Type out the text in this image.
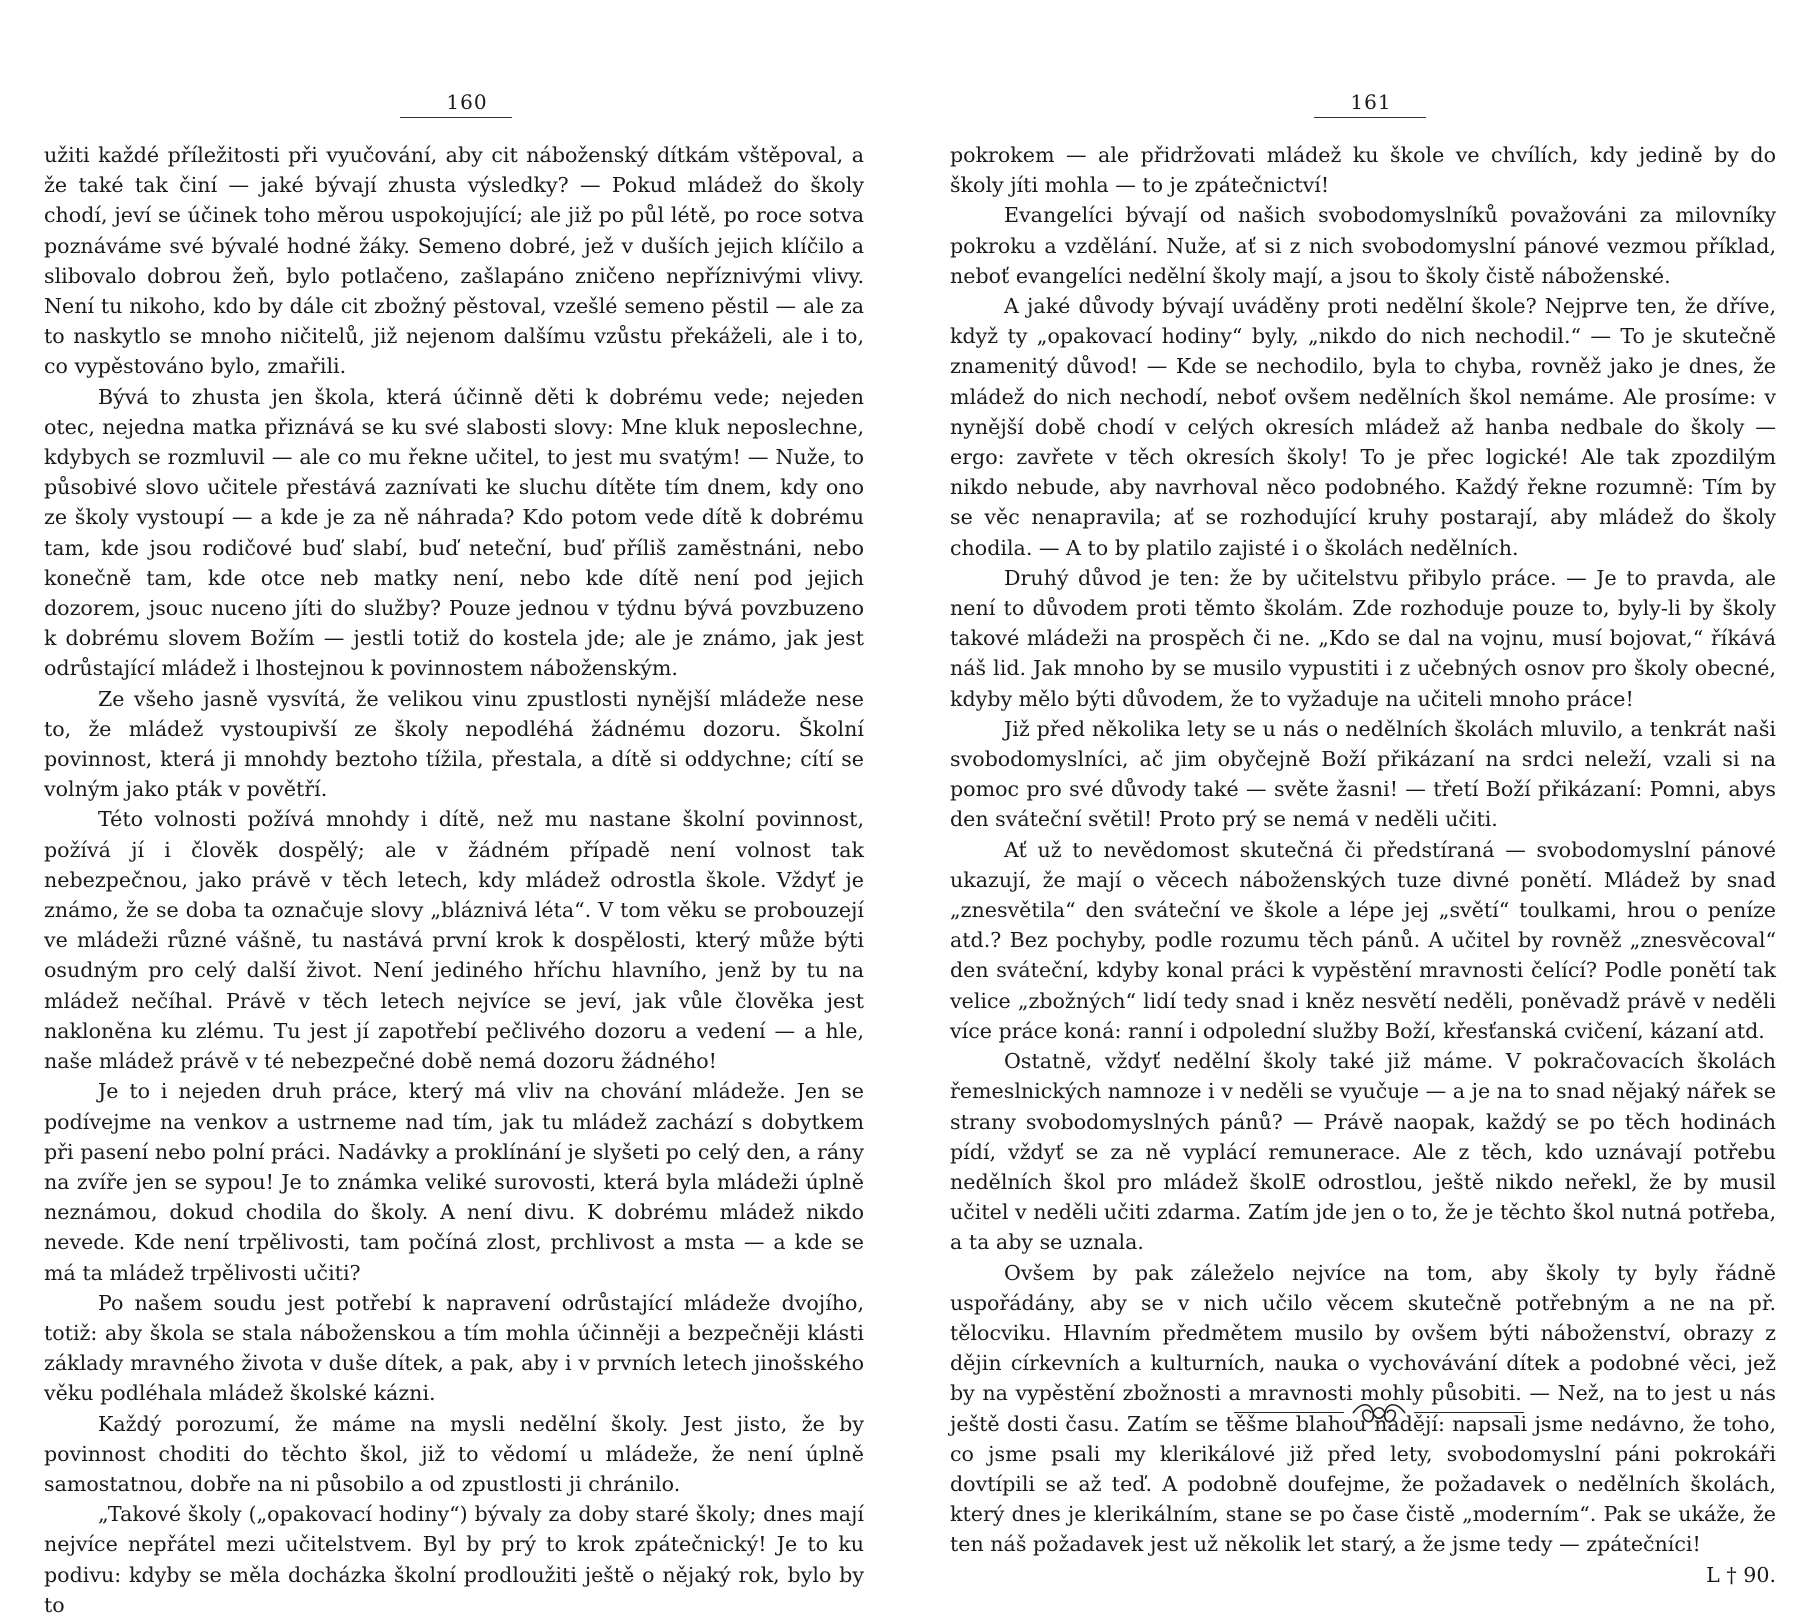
160

užiti každé příležitosti při vyučování, aby cit náboženský dítkám vštěpoval, a že také tak činí — jaké bývají zhusta výsledky? — Pokud mládež do školy chodí, jeví se účinek toho měrou uspokojující; ale již po půl létě, po roce sotva poznáváme své bývalé hodné žáky. Semeno dobré, jež v duších jejich klíčilo a slibovalo dobrou žeň, bylo potlačeno, zašlapáno zničeno nepříznivými vlivy. Není tu nikoho, kdo by dále cit zbožný pěstoval, vzešlé semeno pěstil — ale za to naskytlo se mnoho ničitelů, již nejenom dalšímu vzůstu překáželi, ale i to, co vypěstováno bylo, zmařili.

Bývá to zhusta jen škola, která účinně děti k dobrému vede; nejeden otec, nejedna matka přiznává se ku své slabosti slovy: Mne kluk neposlechne, kdybych se rozmluvil — ale co mu řekne učitel, to jest mu svatým! — Nuže, to působivé slovo učitele přestává zaznívati ke sluchu dítěte tím dnem, kdy ono ze školy vystoupí — a kde je za ně náhrada? Kdo potom vede dítě k dobrému tam, kde jsou rodičové buď slabí, buď neteční, buď příliš zaměstnáni, nebo konečně tam, kde otce neb matky není, nebo kde dítě není pod jejich dozorem, jsouc nuceno jíti do služby? Pouze jednou v týdnu bývá povzbuzeno k dobrému slovem Božím — jestli totiž do kostela jde; ale je známo, jak jest odrůstající mládež i lhostejnou k povinnostem náboženským.

Ze všeho jasně vysvítá, že velikou vinu zpustlosti nynější mládeže nese to, že mládež vystoupivší ze školy nepodléhá žádnému dozoru. Školní povinnost, která ji mnohdy beztoho tížila, přestala, a dítě si oddychne; cítí se volným jako pták v povětří.

Této volnosti požívá mnohdy i dítě, než mu nastane školní povinnost, požívá jí i člověk dospělý; ale v žádném případě není volnost tak nebezpečnou, jako právě v těch letech, kdy mládež odrostla škole. Vždyť je známo, že se doba ta označuje slovy „bláznivá léta“. V tom věku se probouzejí ve mládeži různé vášně, tu nastává první krok k dospělosti, který může býti osudným pro celý další život. Není jediného hříchu hlavního, jenž by tu na mládež nečíhal. Právě v těch letech nejvíce se jeví, jak vůle člověka jest nakloněna ku zlému. Tu jest jí zapotřebí pečlivého dozoru a vedení — a hle, naše mládež právě v té nebezpečné době nemá dozoru žádného!

Je to i nejeden druh práce, který má vliv na chování mládeže. Jen se podívejme na venkov a ustrneme nad tím, jak tu mládež zachází s dobytkem při pasení nebo polní práci. Nadávky a proklínání je slyšeti po celý den, a rány na zvíře jen se sypou! Je to známka veliké surovosti, která byla mládeži úplně neznámou, dokud chodila do školy. A není divu. K dobrému mládež nikdo nevede. Kde není trpělivosti, tam počíná zlost, prchlivost a msta — a kde se má ta mládež trpělivosti učiti?

Po našem soudu jest potřebí k napravení odrůstající mládeže dvojího, totiž: aby škola se stala náboženskou a tím mohla účinněji a bezpečněji klásti základy mravného života v duše dítek, a pak, aby i v prvních letech jinošského věku podléhala mládež školské kázni.

Každý porozumí, že máme na mysli nedělní školy. Jest jisto, že by povinnost choditi do těchto škol, již to vědomí u mládeže, že není úplně samostatnou, dobře na ni působilo a od zpustlosti ji chránilo.

„Takové školy („opakovací hodiny“) bývaly za doby staré školy; dnes mají nejvíce nepřátel mezi učitelstvem. Byl by prý to krok zpátečnický! Je to ku podivu: kdyby se měla docházka školní prodloužiti ještě o nějaký rok, bylo by to

161

pokrokem — ale přidržovati mládež ku škole ve chvílích, kdy jedině by do školy jíti mohla — to je zpátečnictví!

Evangelíci bývají od našich svobodomyslníků považováni za milovníky pokroku a vzdělání. Nuže, ať si z nich svobodomyslní pánové vezmou příklad, neboť evangelíci nedělní školy mají, a jsou to školy čistě náboženské.

A jaké důvody bývají uváděny proti nedělní škole? Nejprve ten, že dříve, když ty „opakovací hodiny“ byly, „nikdo do nich nechodil.“ — To je skutečně znamenitý důvod! — Kde se nechodilo, byla to chyba, rovněž jako je dnes, že mládež do nich nechodí, neboť ovšem nedělních škol nemáme. Ale prosíme: v nynější době chodí v celých okresích mládež až hanba nedbale do školy — ergo: zavřete v těch okresích školy! To je přec logické! Ale tak zpozdilým nikdo nebude, aby navrhoval něco podobného. Každý řekne rozumně: Tím by se věc nenapravila; ať se rozhodující kruhy postarají, aby mládež do školy chodila. — A to by platilo zajisté i o školách nedělních.

Druhý důvod je ten: že by učitelstvu přibylo práce. — Je to pravda, ale není to důvodem proti těmto školám. Zde rozhoduje pouze to, byly-li by školy takové mládeži na prospěch či ne. „Kdo se dal na vojnu, musí bojovat,“ říkává náš lid. Jak mnoho by se musilo vypustiti i z učebných osnov pro školy obecné, kdyby mělo býti důvodem, že to vyžaduje na učiteli mnoho práce!

Již před několika lety se u nás o nedělních školách mluvilo, a tenkrát naši svobodomyslníci, ač jim obyčejně Boží přikázaní na srdci neleží, vzali si na pomoc pro své důvody také — světe žasni! — třetí Boží přikázaní: Pomni, abys den sváteční světil! Proto prý se nemá v neděli učiti.

Ať už to nevědomost skutečná či předstíraná — svobodomyslní pánové ukazují, že mají o věcech náboženských tuze divné ponětí. Mládež by snad „znesvětila“ den sváteční ve škole a lépe jej „světí“ toulkami, hrou o peníze atd.? Bez pochyby, podle rozumu těch pánů. A učitel by rovněž „znesvěcoval“ den sváteční, kdyby konal práci k vypěstění mravnosti čelící? Podle ponětí tak velice „zbožných“ lidí tedy snad i kněz nesvětí neděli, poněvadž právě v neděli více práce koná: ranní i odpolední služby Boží, křesťanská cvičení, kázaní atd.

Ostatně, vždyť nedělní školy také již máme. V pokračovacích školách řemeslnických namnoze i v neděli se vyučuje — a je na to snad nějaký nářek se strany svobodomyslných pánů? — Právě naopak, každý se po těch hodinách pídí, vždyť se za ně vyplácí remunerace. Ale z těch, kdo uznávají potřebu nedělních škol pro mládež školE odrostlou, ještě nikdo neřekl, že by musil učitel v neděli učiti zdarma. Zatím jde jen o to, že je těchto škol nutná potřeba, a ta aby se uznala.

Ovšem by pak záleželo nejvíce na tom, aby školy ty byly řádně uspořádány, aby se v nich učilo věcem skutečně potřebným a ne na př. tělocviku. Hlavním předmětem musilo by ovšem býti náboženství, obrazy z dějin církevních a kulturních, nauka o vychovávání dítek a podobné věci, jež by na vypěstění zbožnosti a mravnosti mohly působiti. — Než, na to jest u nás ještě dosti času. Zatím se těšme blahou nadějí: napsali jsme nedávno, že toho, co jsme psali my klerikálové již před lety, svobodomyslní páni pokrokáři dovtípili se až teď. A podobně doufejme, že požadavek o nedělních školách, který dnes je klerikálním, stane se po čase čistě „moderním“. Pak se ukáže, že ten náš požadavek jest už několik let starý, a že jsme tedy — zpátečníci!
L † 90.
